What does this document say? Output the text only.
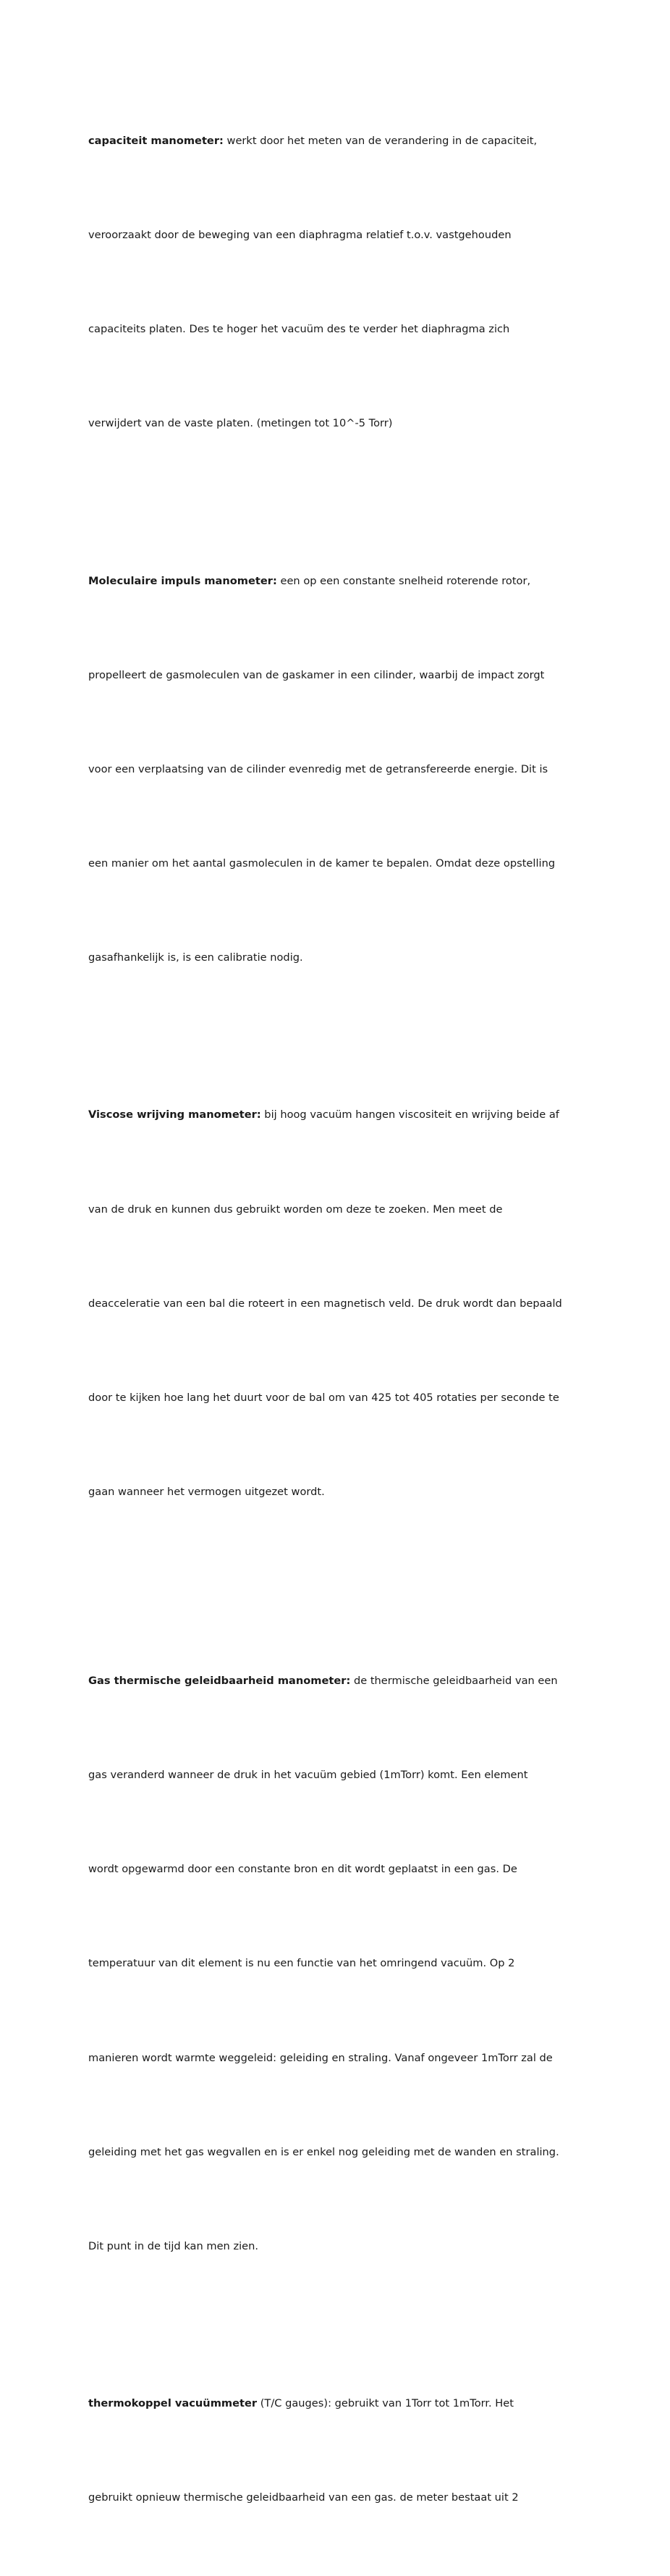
capaciteit manometer: werkt door het meten van de verandering in de capaciteit,

veroorzaakt door de beweging van een diaphragma relatief t.o.v. vastgehouden

capaciteits platen. Des te hoger het vacuüm des te verder het diaphragma zich

verwijdert van de vaste platen. (metingen tot 10^-5 Torr)

Moleculaire impuls manometer: een op een constante snelheid roterende rotor,

propelleert de gasmoleculen van de gaskamer in een cilinder, waarbij de impact zorgt

voor een verplaatsing van de cilinder evenredig met de getransfereerde energie. Dit is

een manier om het aantal gasmoleculen in de kamer te bepalen. Omdat deze opstelling

gasafhankelijk is, is een calibratie nodig.

Viscose wrijving manometer: bij hoog vacuüm hangen viscositeit en wrijving beide af

van de druk en kunnen dus gebruikt worden om deze te zoeken. Men meet de

deacceleratie van een bal die roteert in een magnetisch veld. De druk wordt dan bepaald

door te kijken hoe lang het duurt voor de bal om van 425 tot 405 rotaties per seconde te

gaan wanneer het vermogen uitgezet wordt.

Gas thermische geleidbaarheid manometer: de thermische geleidbaarheid van een

gas veranderd wanneer de druk in het vacuüm gebied (1mTorr) komt. Een element

wordt opgewarmd door een constante bron en dit wordt geplaatst in een gas. De

temperatuur van dit element is nu een functie van het omringend vacuüm. Op 2

manieren wordt warmte weggeleid: geleiding en straling. Vanaf ongeveer 1mTorr zal de

geleiding met het gas wegvallen en is er enkel nog geleiding met de wanden en straling.

Dit punt in de tijd kan men zien.

thermokoppel vacuümmeter (T/C gauges): gebruikt van 1Torr tot 1mTorr. Het

gebruikt opnieuw thermische geleidbaarheid van een gas. de meter bestaat uit 2
